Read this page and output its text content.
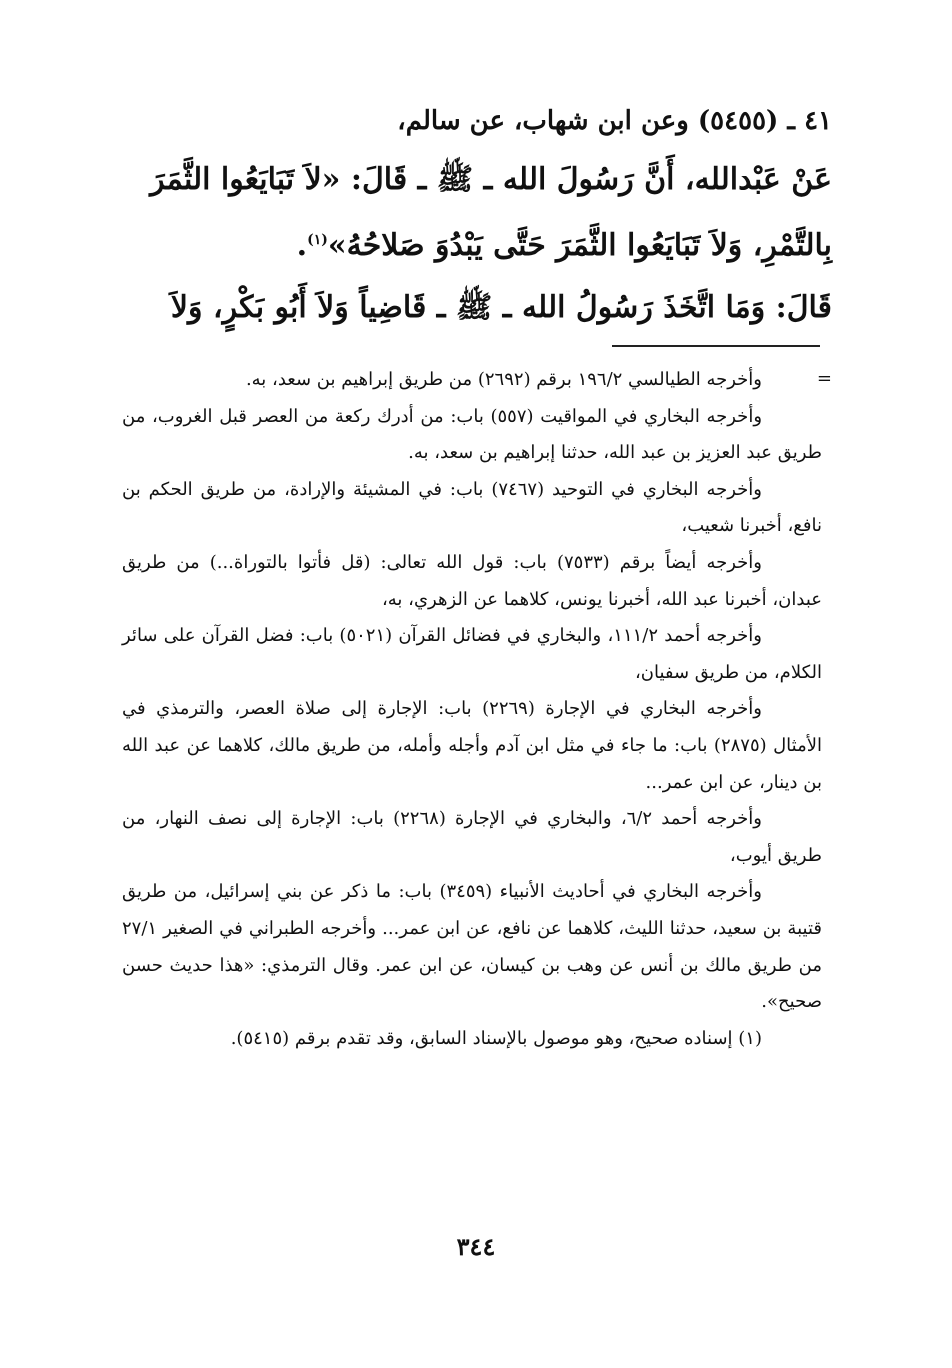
٤١ ـ (٥٤٥٥) وعن ابن شهاب، عن سالم،
عَنْ عَبْدالله، أَنَّ رَسُولَ الله ـ ﷺ ـ قَالَ: «لاَ تَبَايَعُوا الثَّمَرَ
بِالتَّمْرِ، وَلاَ تَبَايَعُوا الثَّمَرَ حَتَّى يَبْدُوَ صَلاحُهُ»$^{(١)}$.
قَالَ: وَمَا اتَّخَذَ رَسُولُ الله ـ ﷺ ـ قَاضِياً وَلاَ أَبُو بَكْرٍ، وَلاَ
=

وأخرجه الطيالسي ١٩٦/٢ برقم (٢٦٩٢) من طريق إبراهيم بن سعد، به.

وأخرجه البخاري في المواقيت (٥٥٧) باب: من أدرك ركعة من العصر قبل الغروب، من طريق عبد العزيز بن عبد الله، حدثنا إبراهيم بن سعد، به.

وأخرجه البخاري في التوحيد (٧٤٦٧) باب: في المشيئة والإرادة، من طريق الحكم بن نافع، أخبرنا شعيب،

وأخرجه أيضاً برقم (٧٥٣٣) باب: قول الله تعالى: (قل فأتوا بالتوراة...) من طريق عبدان، أخبرنا عبد الله، أخبرنا يونس، كلاهما عن الزهري، به،

وأخرجه أحمد ١١١/٢، والبخاري في فضائل القرآن (٥٠٢١) باب: فضل القرآن على سائر الكلام، من طريق سفيان،

وأخرجه البخاري في الإجارة (٢٢٦٩) باب: الإجارة إلى صلاة العصر، والترمذي في الأمثال (٢٨٧٥) باب: ما جاء في مثل ابن آدم وأجله وأمله، من طريق مالك، كلاهما عن عبد الله بن دينار، عن ابن عمر...

وأخرجه أحمد ٦/٢، والبخاري في الإجارة (٢٢٦٨) باب: الإجارة إلى نصف النهار، من طريق أيوب،

وأخرجه البخاري في أحاديث الأنبياء (٣٤٥٩) باب: ما ذكر عن بني إسرائيل، من طريق قتيبة بن سعيد، حدثنا الليث، كلاهما عن نافع، عن ابن عمر... وأخرجه الطبراني في الصغير ٢٧/١ من طريق مالك بن أنس عن وهب بن كيسان، عن ابن عمر. وقال الترمذي: «هذا حديث حسن صحيح».

(١) إسناده صحيح، وهو موصول بالإسناد السابق، وقد تقدم برقم (٥٤١٥).

٣٤٤
